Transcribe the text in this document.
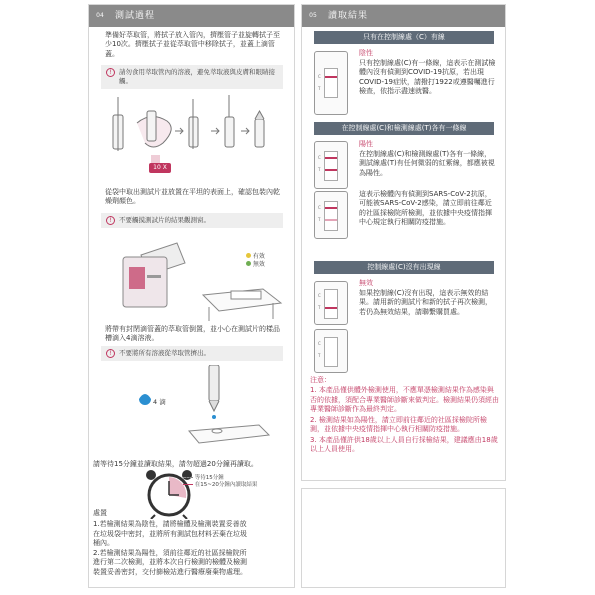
04	測試過程
準備好萃取管，將拭子放入管內，擠壓管子並旋轉拭子至少10次。擠壓拭子並從萃取管中移除拭子，並蓋上滴管蓋。
!	請勿食用萃取管內的溶液，避免萃取液與皮膚和眼睛接觸。
10 X
從袋中取出測試片並放置在平坦的表面上，確認包裝內乾燥劑顏色。
!	不要觸摸測試片的結果觀測窗。
有效
無效
將帶有封閉滴管蓋的萃取管倒置，並小心在測試片的樣品槽滴入4滴溶液。
!	不要將所有溶液從萃取管擠出。
4 滴
請等待15分鐘並讀取結果，請勿超過20分鐘再讀取。
等待15分鐘
在15~20分鐘內讀取結果
處置
1.若檢測結果為陰性，請將檢體及檢測裝置妥善放
在垃圾袋中密封，並將所有測試包材料丟棄在垃圾
桶內。
2.若檢測結果為陽性，須前往鄰近的社區採檢院所
進行第二次檢測，並將本次自行檢測的檢體及檢測
裝置妥善密封，交付篩檢站進行醫療廢棄物處理。
05	讀取結果
只有在控制線處（C）有線
C
T
陰性
只有控制線處(C)有一條線，這表示在測試檢體內沒有偵測到COVID-19抗原，若出現COVID-19症狀，請撥打1922或遵醫囑進行檢查，依指示盡速就醫。
在控制線處(C)和檢測線處(T)各有一條線
C
T
陽性
在控制線處(C)和檢測線處(T)各有一條線，測試線處(T)有任何微弱的紅紫線，都應被視為陽性。
C
T
這表示檢體內有偵測到SARS-CoV-2抗原，可能被SARS-CoV-2感染，請立即前往鄰近的社區採檢院所檢測，並依據中央疫情指揮中心規定執行相關防疫措施。
控制線處(C)沒有出現線
C
T
C
T
無效
如果控制線(C)沒有出現，這表示無效的結果。請用新的測試片和新的拭子再次檢測，若仍為無效結果，請聯繫購買處。
注意：
1. 本產品僅供體外檢測使用，不應單憑檢測結果作為感染與否的依據，須配合專業醫師診斷來做判定。檢測結果仍須經由專業醫師診斷作為最終判定。
2. 檢測結果如為陽性，請立即前往鄰近的社區採檢院所檢測，並依據中央疫情指揮中心執行相關防疫措施。
3. 本產品僅許供18歲以上人員自行採檢結果，建議應由18歲以上人員使用。
